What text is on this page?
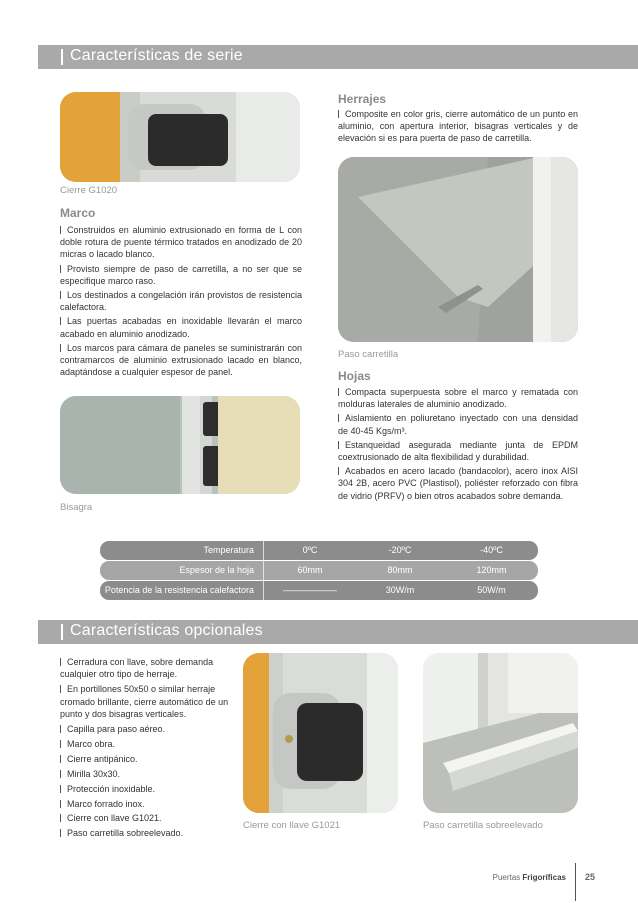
Características de serie
Cierre G1020
Marco

Construidos en aluminio extrusionado en forma de L con doble rotura de puente térmico tratados en anodizado de 20 micras o lacado blanco.

Provisto siempre de paso de carretilla, a no ser que se especifique marco raso.

Los destinados a congelación irán provistos de resistencia calefactora.

Las puertas acabadas en inoxidable llevarán el marco acabado en aluminio anodizado.

Los marcos para cámara de paneles se suministrarán con contramarcos de aluminio extrusionado lacado en blanco, adaptándose a cualquier espesor de panel.

Bisagra
Herrajes

Composite en color gris, cierre automático de un punto en aluminio, con apertura interior, bisagras verticales y de elevación si es para puerta de paso de carretilla.

Paso carretilla
Hojas

Compacta superpuesta sobre el marco y rematada con molduras laterales de aluminio anodizado.

Aislamiento en poliuretano inyectado con una densidad de 40-45 Kgs/m³.

Estanqueidad asegurada mediante junta de EPDM coextrusionado de alta flexibilidad y durabilidad.

Acabados en acero lacado (bandacolor), acero inox AISI 304 2B, acero PVC (Plastisol), poliéster reforzado con fibra de vidrio (PRFV) o bien otros acabados sobre demanda.

Temperatura	0ºC	-20ºC	-40ºC
Espesor de la hoja	60mm	80mm	120mm
Potencia de la resistencia calefactora	——————	30W/m	50W/m
Características opcionales

Cerradura con llave, sobre demanda cualquier otro tipo de herraje.

En portillones 50x50 o similar herraje cromado brillante, cierre automático de un punto y dos bisagras verticales.

Capilla para paso aéreo.

Marco obra.

Cierre antipánico.

Mirilla 30x30.

Protección inoxidable.

Marco forrado inox.

Cierre con llave G1021.

Paso carretilla sobreelevado.

Cierre con llave G1021	Paso carretilla sobreelevado
Puertas Frigoríficas 25
